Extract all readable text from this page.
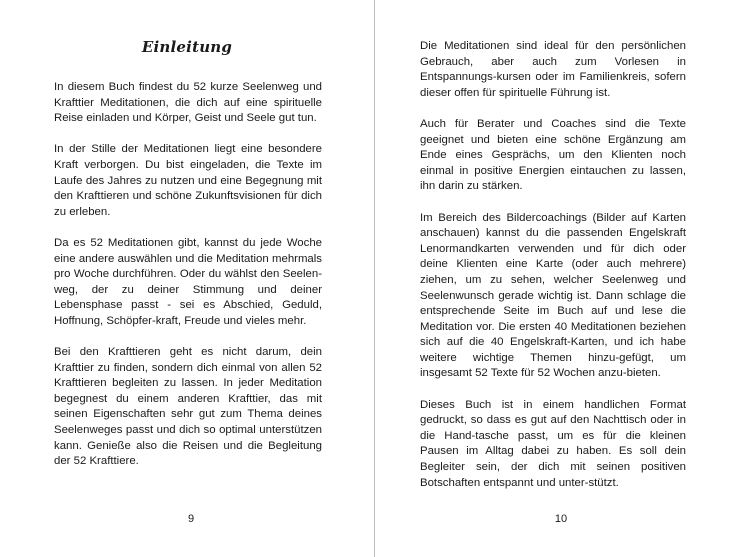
Einleitung

In diesem Buch findest du 52 kurze Seelenweg und Krafttier Meditationen, die dich auf eine spirituelle Reise einladen und Körper, Geist und Seele gut tun.

In der Stille der Meditationen liegt eine besondere Kraft verborgen. Du bist eingeladen, die Texte im Laufe des Jahres zu nutzen und eine Begegnung mit den Krafttieren und schöne Zukunftsvisionen für dich zu erleben.

Da es 52 Meditationen gibt, kannst du jede Woche eine andere auswählen und die Meditation mehrmals pro Woche durchführen. Oder du wählst den Seelen-weg, der zu deiner Stimmung und deiner Lebensphase passt - sei es Abschied, Geduld, Hoffnung, Schöpfer-kraft, Freude und vieles mehr.

Bei den Krafttieren geht es nicht darum, dein Krafttier zu finden, sondern dich einmal von allen 52 Krafttieren begleiten zu lassen. In jeder Meditation begegnest du einem anderen Krafttier, das mit seinen Eigenschaften sehr gut zum Thema deines Seelenweges passt und dich so optimal unterstützen kann. Genieße also die Reisen und die Begleitung der 52 Krafttiere.

9

Die Meditationen sind ideal für den persönlichen Gebrauch, aber auch zum Vorlesen in Entspannungs-kursen oder im Familienkreis, sofern dieser offen für spirituelle Führung ist.

Auch für Berater und Coaches sind die Texte geeignet und bieten eine schöne Ergänzung am Ende eines Gesprächs, um den Klienten noch einmal in positive Energien eintauchen zu lassen, ihn darin zu stärken.

Im Bereich des Bildercoachings (Bilder auf Karten anschauen) kannst du die passenden Engelskraft Lenormandkarten verwenden und für dich oder deine Klienten eine Karte (oder auch mehrere) ziehen, um zu sehen, welcher Seelenweg und Seelenwunsch gerade wichtig ist. Dann schlage die entsprechende Seite im Buch auf und lese die Meditation vor. Die ersten 40 Meditationen beziehen sich auf die 40 Engelskraft-Karten, und ich habe weitere wichtige Themen hinzu-gefügt, um insgesamt 52 Texte für 52 Wochen anzu-bieten.

Dieses Buch ist in einem handlichen Format gedruckt, so dass es gut auf den Nachttisch oder in die Hand-tasche passt, um es für die kleinen Pausen im Alltag dabei zu haben. Es soll dein Begleiter sein, der dich mit seinen positiven Botschaften entspannt und unter-stützt.

10
